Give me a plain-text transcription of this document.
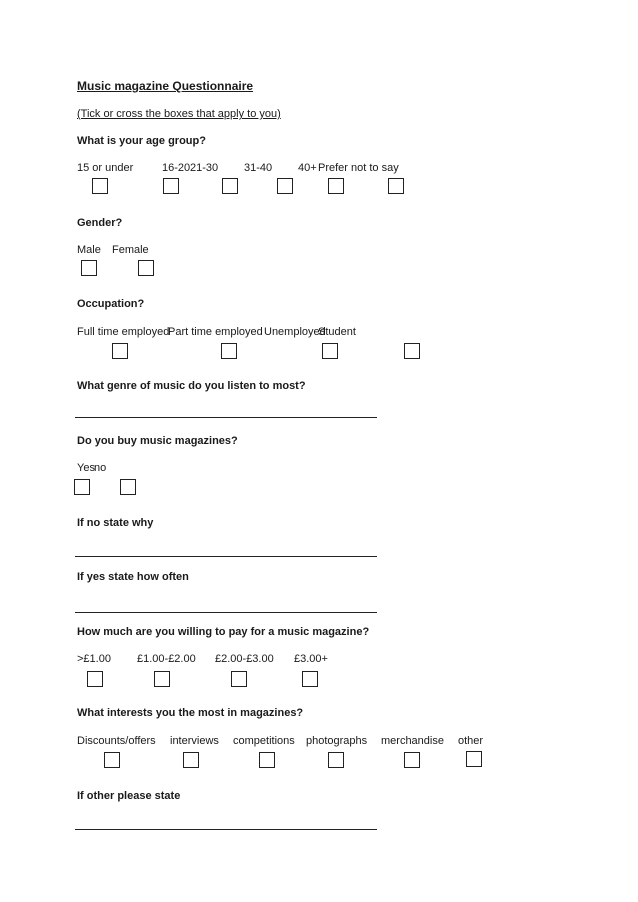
Music magazine Questionnaire
(Tick or cross the boxes that apply to you)
What is your age group?
15 or under	16-20 21-30 31-40 40+ Prefer not to say
Gender?
Male Female
Occupation?
Full time employed
Part time employed Unemployed
Student
What genre of music do you listen to most?
Do you buy music magazines?
Yes no
If no state why
If yes state how often
How much are you willing to pay for a music magazine?
>£1.00 £1.00-£2.00 £2.00-£3.00 £3.00+
What interests you the most in magazines?
Discounts/offers interviews competitions photographs merchandise other
If other please state
